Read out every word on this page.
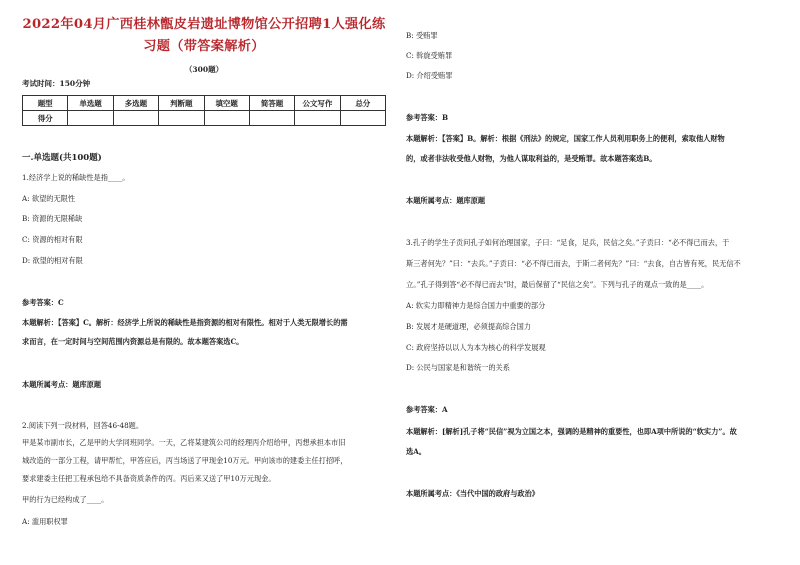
2022年04月广西桂林甑皮岩遗址博物馆公开招聘1人强化练
习题（带答案解析）
（300题）
考试时间：150分钟
题型	单选题	多选题	判断题	填空题	简答题	公文写作	总分
得分							
一.单选题(共100题)
1.经济学上说的稀缺性是指____。
A: 欲望的无限性
B: 资源的无限稀缺
C: 资源的相对有限
D: 欲望的相对有限
参考答案：C
本题解析：【答案】C。解析：经济学上所说的稀缺性是指资源的相对有限性。相对于人类无限增长的需
求而言，在一定时间与空间范围内资源总是有限的。故本题答案选C。
本题所属考点：题库原题
2.阅读下列一段材料，回答46-48题。
甲是某市副市长，乙是甲的大学同班同学。一天，乙将某建筑公司的经理丙介绍给甲，丙想承担本市旧
城改造的一部分工程，请甲帮忙，甲答应后，丙当场送了甲现金10万元。甲向该市的建委主任打招呼，
要求建委主任把工程承包给不具备资质条件的丙。丙后来又送了甲10万元现金。
甲的行为已经构成了____。
A: 滥用职权罪
B: 受贿罪
C: 斡旋受贿罪
D: 介绍受贿罪
参考答案：B
本题解析：【答案】B。解析：根据《刑法》的规定，国家工作人员利用职务上的便利，索取他人财物
的，或者非法收受他人财物，为他人谋取利益的，是受贿罪。故本题答案选B。
本题所属考点：题库原题
3.孔子的学生子贡问孔子如何治理国家，子曰：“足食，足兵，民信之矣。”子贡曰：“必不得已而去，于
斯三者何先？”曰：“去兵。”子贡曰：“必不得已而去，于斯二者何先？”曰：“去食，自古皆有死，民无信不
立。”孔子得到答“必不得已而去”时，最后保留了“民信之矣”。下列与孔子的观点一致的是____。
A: 软实力即精神力是综合国力中重要的部分
B: 发展才是硬道理，必须提高综合国力
C: 政府坚持以以人为本为核心的科学发展观
D: 公民与国家是和谐统一的关系
参考答案：A
本题解析：[解析]孔子将“民信”视为立国之本，强调的是精神的重要性，也即A项中所说的“软实力”。故
选A。
本题所属考点：《当代中国的政府与政治》
